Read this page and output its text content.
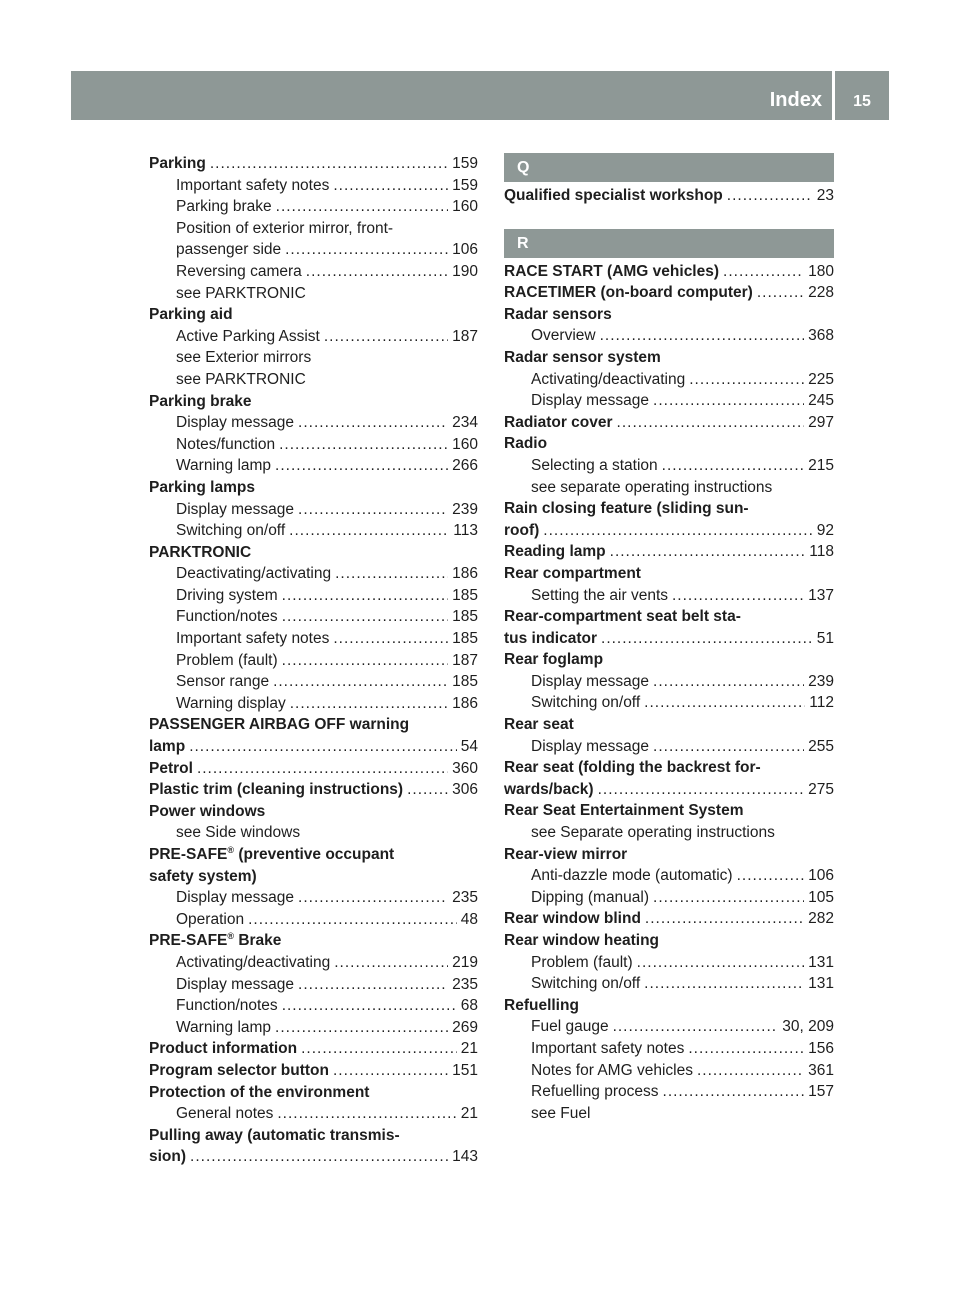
Index	15
Parking .....	159
Important safety notes .....	159
Parking brake .....	160
Position of exterior mirror, front-
passenger side .....	106
Reversing camera .....	190
see PARKTRONIC
Parking aid
Active Parking Assist .....	187
see Exterior mirrors
see PARKTRONIC
Parking brake
Display message .....	234
Notes/function .....	160
Warning lamp .....	266
Parking lamps
Display message .....	239
Switching on/off .....	113
PARKTRONIC
Deactivating/activating .....	186
Driving system .....	185
Function/notes .....	185
Important safety notes .....	185
Problem (fault) .....	187
Sensor range .....	185
Warning display .....	186
PASSENGER AIRBAG OFF warning
lamp .....	54
Petrol .....	360
Plastic trim (cleaning instructions) .....	306
Power windows
see Side windows
PRE-SAFE® (preventive occupant
safety system)
Display message .....	235
Operation .....	48
PRE-SAFE® Brake
Activating/deactivating .....	219
Display message .....	235
Function/notes .....	68
Warning lamp .....	269
Product information .....	21
Program selector button .....	151
Protection of the environment
General notes .....	21
Pulling away (automatic transmis-
sion) .....	143
Q
Qualified specialist workshop .....	23
R
RACE START (AMG vehicles) .....	180
RACETIMER (on-board computer) .....	228
Radar sensors
Overview .....	368
Radar sensor system
Activating/deactivating .....	225
Display message .....	245
Radiator cover .....	297
Radio
Selecting a station .....	215
see separate operating instructions
Rain closing feature (sliding sun-
roof) .....	92
Reading lamp .....	118
Rear compartment
Setting the air vents .....	137
Rear-compartment seat belt sta-
tus indicator .....	51
Rear foglamp
Display message .....	239
Switching on/off .....	112
Rear seat
Display message .....	255
Rear seat (folding the backrest for-
wards/back) .....	275
Rear Seat Entertainment System
see Separate operating instructions
Rear-view mirror
Anti-dazzle mode (automatic) .....	106
Dipping (manual) .....	105
Rear window blind .....	282
Rear window heating
Problem (fault) .....	131
Switching on/off .....	131
Refuelling
Fuel gauge .....	30, 209
Important safety notes .....	156
Notes for AMG vehicles .....	361
Refuelling process .....	157
see Fuel
